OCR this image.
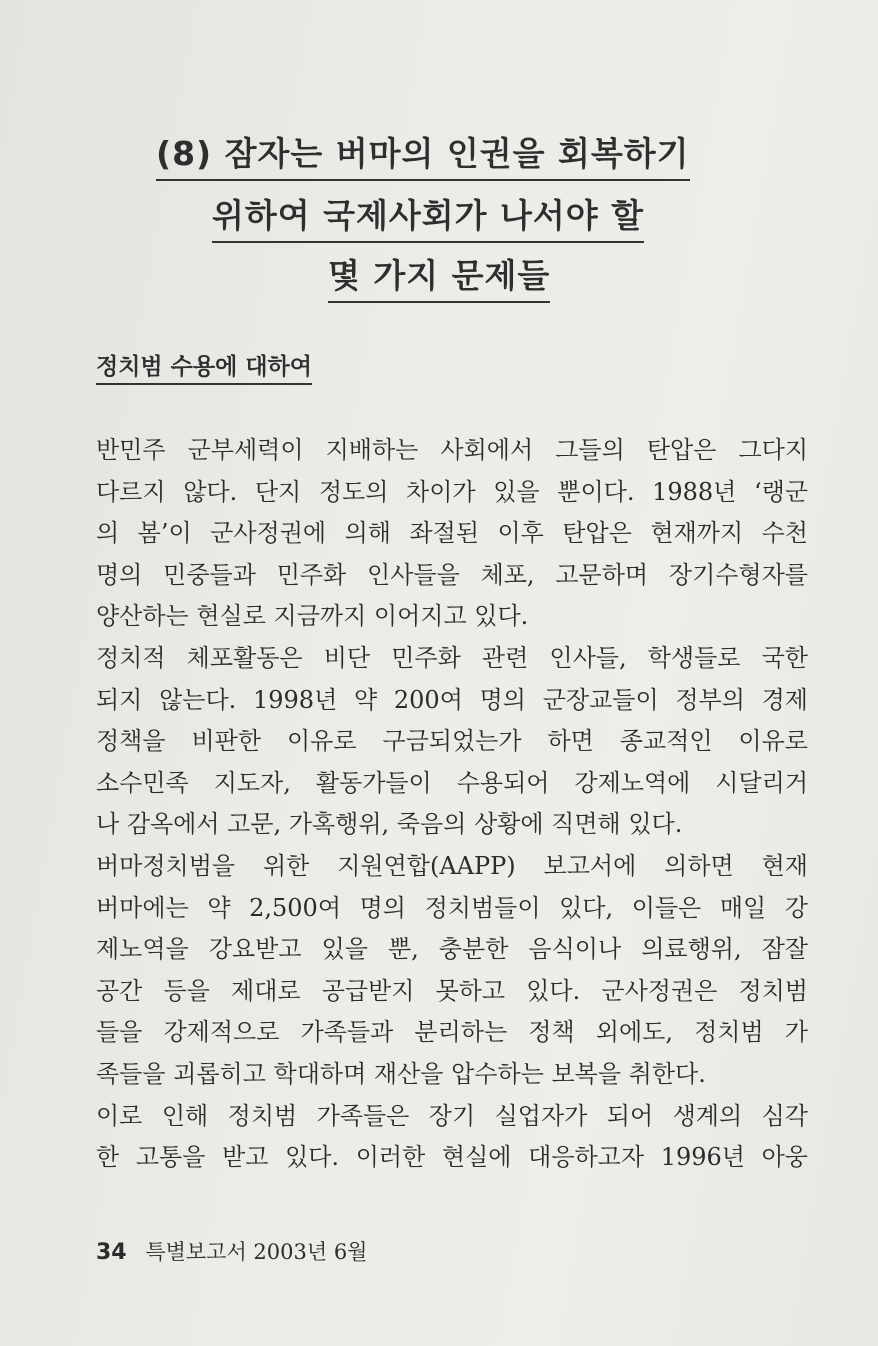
(8) 잠자는 버마의 인권을 회복하기
위하여 국제사회가 나서야 할
몇 가지 문제들
정치범 수용에 대하여
반민주 군부세력이 지배하는 사회에서 그들의 탄압은 그다지
다르지 않다. 단지 정도의 차이가 있을 뿐이다. 1988년 ‘랭군
의 봄’이 군사정권에 의해 좌절된 이후 탄압은 현재까지 수천
명의 민중들과 민주화 인사들을 체포, 고문하며 장기수형자를
양산하는 현실로 지금까지 이어지고 있다.
정치적 체포활동은 비단 민주화 관련 인사들, 학생들로 국한
되지 않는다. 1998년 약 200여 명의 군장교들이 정부의 경제
정책을 비판한 이유로 구금되었는가 하면 종교적인 이유로
소수민족 지도자, 활동가들이 수용되어 강제노역에 시달리거
나 감옥에서 고문, 가혹행위, 죽음의 상황에 직면해 있다.
버마정치범을 위한 지원연합(AAPP) 보고서에 의하면 현재
버마에는 약 2,500여 명의 정치범들이 있다, 이들은 매일 강
제노역을 강요받고 있을 뿐, 충분한 음식이나 의료행위, 잠잘
공간 등을 제대로 공급받지 못하고 있다. 군사정권은 정치범
들을 강제적으로 가족들과 분리하는 정책 외에도, 정치범 가
족들을 괴롭히고 학대하며 재산을 압수하는 보복을 취한다.
이로 인해 정치범 가족들은 장기 실업자가 되어 생계의 심각
한 고통을 받고 있다. 이러한 현실에 대응하고자 1996년 아웅
34 특별보고서 2003년 6월
